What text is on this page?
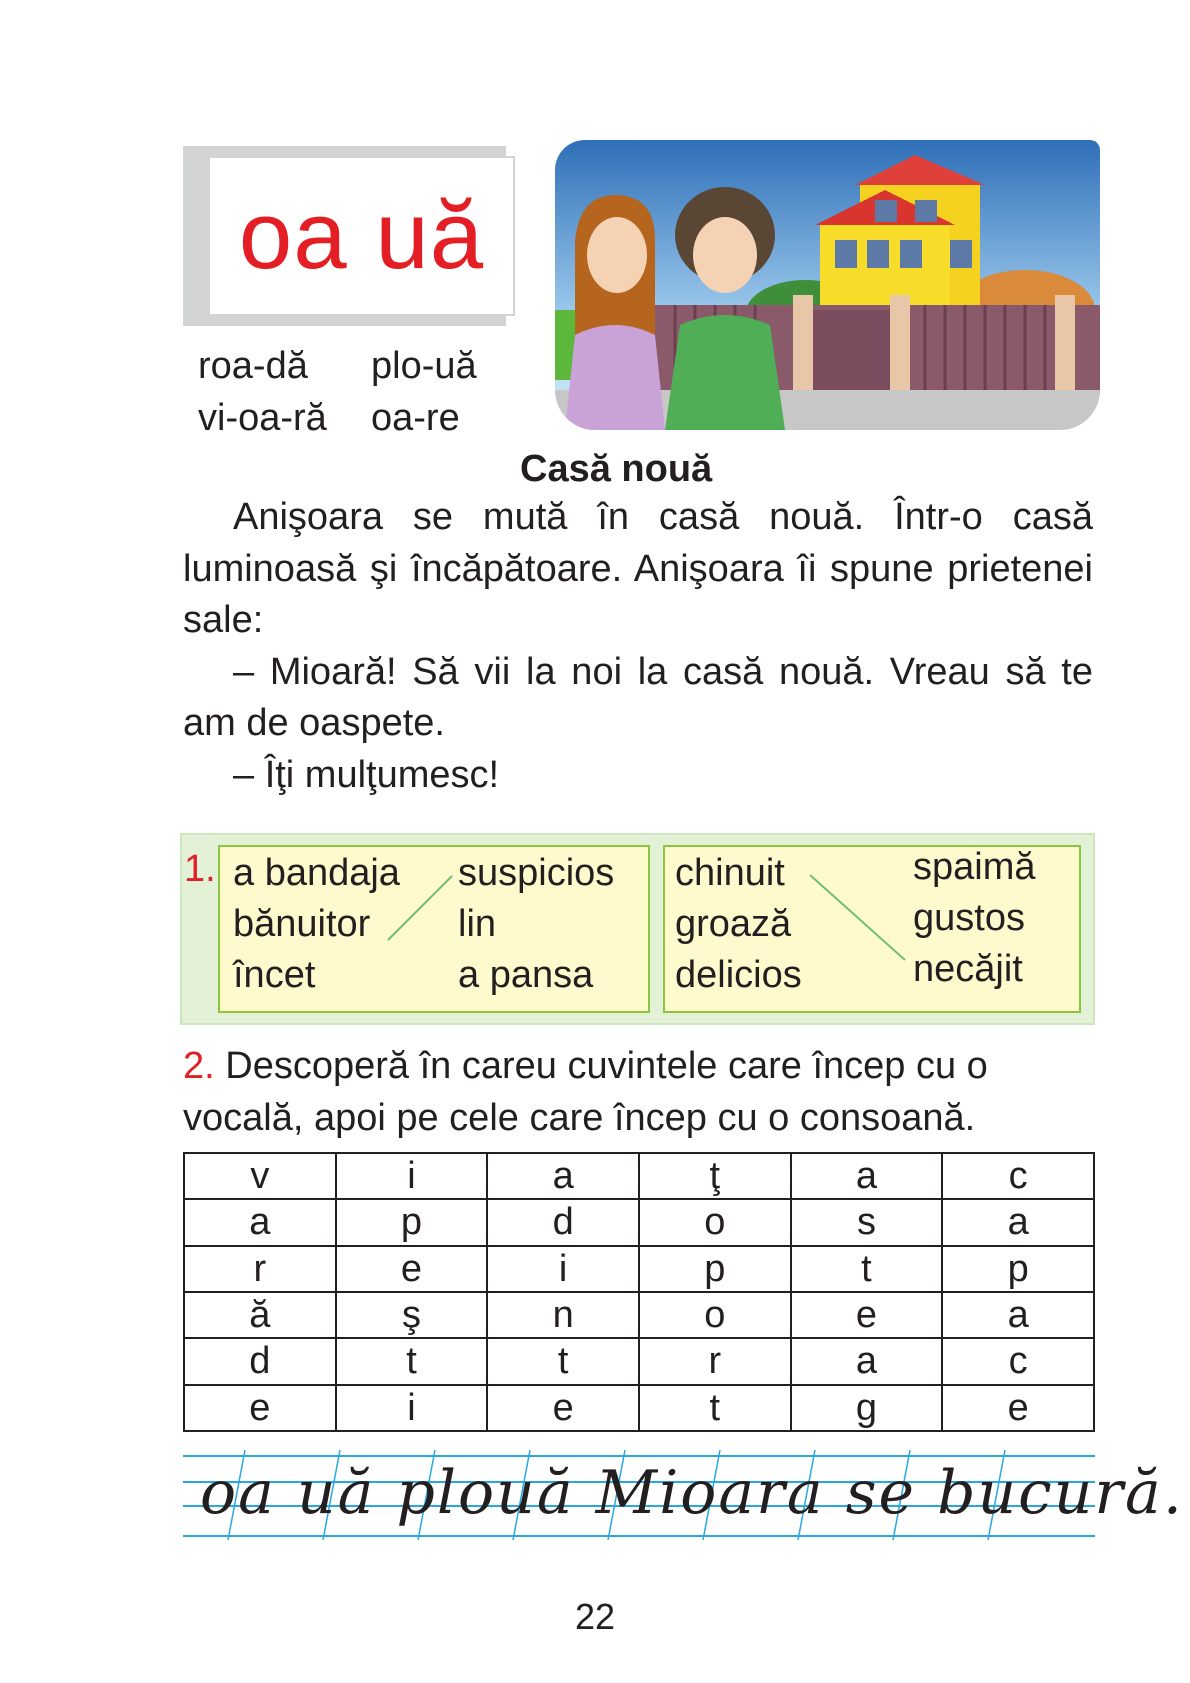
oa uă
roa-dă
vi-oa-ră
plo-uă
oa-re
Casă nouă

Anişoara se mută în casă nouă. Într-o casă luminoasă şi încăpătoare. Anişoara îi spune prietenei sale:

– Mioară! Să vii la noi la casă nouă. Vreau să te am de oaspete.

– Îţi mulţumesc!

1. a bandaja
bănuitor
încet
suspicios
lin
a pansa
chinuit
groază
delicios
spaimă
gustos
necăjit
2. Descoperă în careu cuvintele care încep cu o vocală, apoi pe cele care încep cu o consoană.
v	i	a	ţ	a	c
a	p	d	o	s	a
r	e	i	p	t	p
ă	ş	n	o	e	a
d	t	t	r	a	c
e	i	e	t	g	e
oa uă plouă Mioara se bucură.
22
